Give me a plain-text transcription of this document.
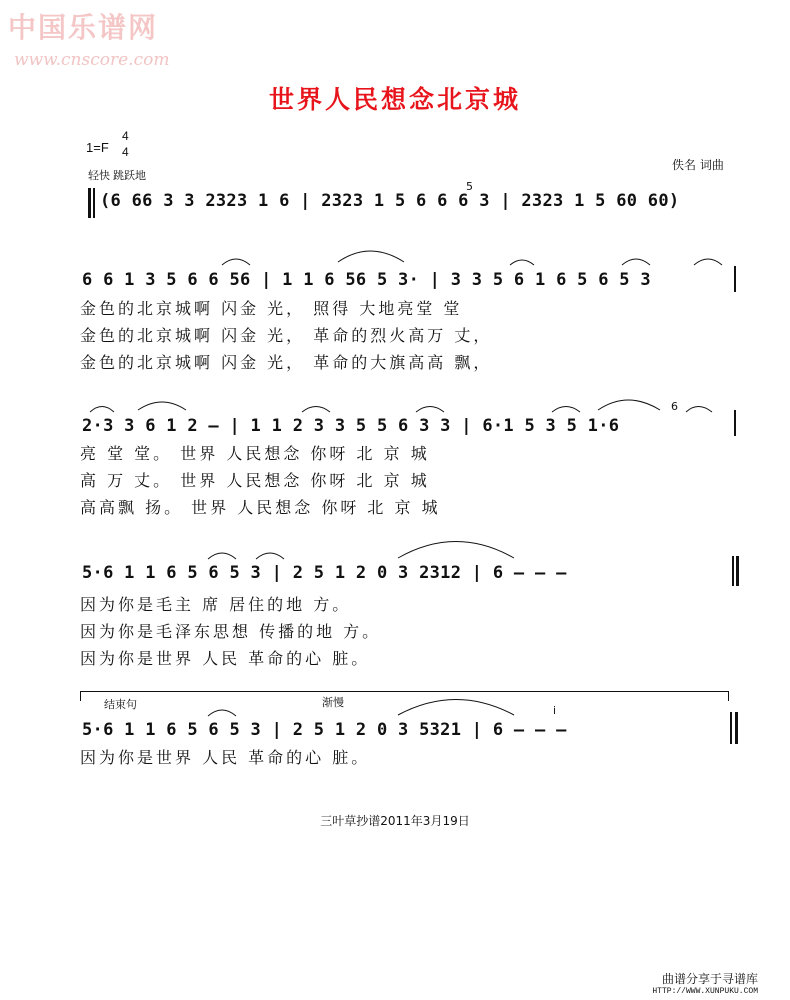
中国乐谱网
www.cnscore.com
世界人民想念北京城
1=F
4
4
轻快 跳跃地
佚名 词曲
(6 66 3 3 2323 1 6 | 2323 1 5 6 6 6 3 | 2323 1 5 60 60)
5
6 6 1 3 5 6 6 56 | 1 1 6 56 5 3· | 3 3 5 6 1 6 5 6 5 3
金色的北京城啊 闪金 光， 照得 大地亮堂 堂
金色的北京城啊 闪金 光， 革命的烈火高万 丈，
金色的北京城啊 闪金 光， 革命的大旗高高 飘，
2·3 3 6 1 2 – | 1 1 2 3 3 5 5 6 3 3 | 6·1 5 3 5 1·6
6
亮 堂 堂。 世界 人民想念 你呀 北 京 城
高 万 丈。 世界 人民想念 你呀 北 京 城
高高飘 扬。 世界 人民想念 你呀 北 京 城
5·6 1 1 6 5 6 5 3 | 2 5 1 2 0 3 2312 | 6 – – –
因为你是毛主 席 居住的地 方。
因为你是毛泽东思想 传播的地 方。
因为你是世界 人民 革命的心 脏。
结束句	渐慢
5·6 1 1 6 5 6 5 3 | 2 5 1 2 0 3 5321 | 6 – – –
i
因为你是世界 人民 革命的心 脏。
三叶草抄谱2011年3月19日
曲谱分享于寻谱库
HTTP://WWW.XUNPUKU.COM
